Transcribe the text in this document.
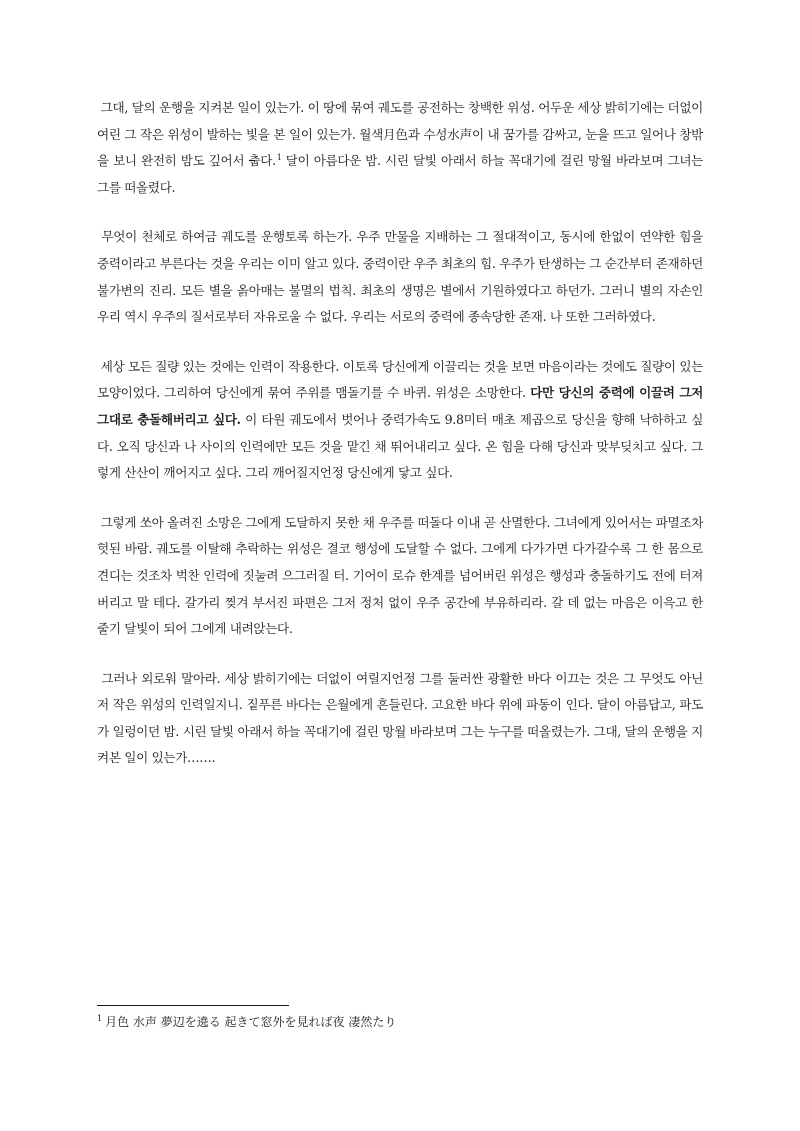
그대, 달의 운행을 지켜본 일이 있는가. 이 땅에 묶여 궤도를 공전하는 창백한 위성. 어두운 세상 밝히기에는 더없이 여린 그 작은 위성이 발하는 빛을 본 일이 있는가. 월색月色과 수성水声이 내 꿈가를 감싸고, 눈을 뜨고 일어나 창밖을 보니 완전히 밤도 깊어서 춥다.$^1$ 달이 아름다운 밤. 시린 달빛 아래서 하늘 꼭대기에 걸린 망월 바라보며 그녀는 그를 떠올렸다.

무엇이 천체로 하여금 궤도를 운행토록 하는가. 우주 만물을 지배하는 그 절대적이고, 동시에 한없이 연약한 힘을 중력이라고 부른다는 것을 우리는 이미 알고 있다. 중력이란 우주 최초의 힘. 우주가 탄생하는 그 순간부터 존재하던 불가변의 진리. 모든 별을 옭아매는 불멸의 법칙. 최초의 생명은 별에서 기원하였다고 하던가. 그러니 별의 자손인 우리 역시 우주의 질서로부터 자유로울 수 없다. 우리는 서로의 중력에 종속당한 존재. 나 또한 그러하였다.

세상 모든 질량 있는 것에는 인력이 작용한다. 이토록 당신에게 이끌리는 것을 보면 마음이라는 것에도 질량이 있는 모양이었다. 그리하여 당신에게 묶여 주위를 맴돌기를 수 바퀴. 위성은 소망한다. 다만 당신의 중력에 이끌려 그저 그대로 충돌해버리고 싶다. 이 타원 궤도에서 벗어나 중력가속도 9.8미터 매초 제곱으로 당신을 향해 낙하하고 싶다. 오직 당신과 나 사이의 인력에만 모든 것을 맡긴 채 뛰어내리고 싶다. 온 힘을 다해 당신과 맞부딪치고 싶다. 그렇게 산산이 깨어지고 싶다. 그리 깨어질지언정 당신에게 닿고 싶다.

그렇게 쏘아 올려진 소망은 그에게 도달하지 못한 채 우주를 떠돌다 이내 곧 산멸한다. 그녀에게 있어서는 파멸조차 헛된 바람. 궤도를 이탈해 추락하는 위성은 결코 행성에 도달할 수 없다. 그에게 다가가면 다가갈수록 그 한 몸으로 견디는 것조차 벅찬 인력에 짓눌려 으그러질 터. 기어이 로슈 한계를 넘어버린 위성은 행성과 충돌하기도 전에 터져버리고 말 테다. 갈가리 찢겨 부서진 파편은 그저 정처 없이 우주 공간에 부유하리라. 갈 데 없는 마음은 이윽고 한 줄기 달빛이 되어 그에게 내려앉는다.

그러나 외로워 말아라. 세상 밝히기에는 더없이 여릴지언정 그를 둘러싼 광활한 바다 이끄는 것은 그 무엇도 아닌 저 작은 위성의 인력일지니. 짙푸른 바다는 은월에게 흔들린다. 고요한 바다 위에 파동이 인다. 달이 아름답고, 파도가 일렁이던 밤. 시린 달빛 아래서 하늘 꼭대기에 걸린 망월 바라보며 그는 누구를 떠올렸는가. 그대, 달의 운행을 지켜본 일이 있는가…….

$^1$ 月色 水声 夢辺を遶る 起きて窓外を見れば夜 凄然たり
